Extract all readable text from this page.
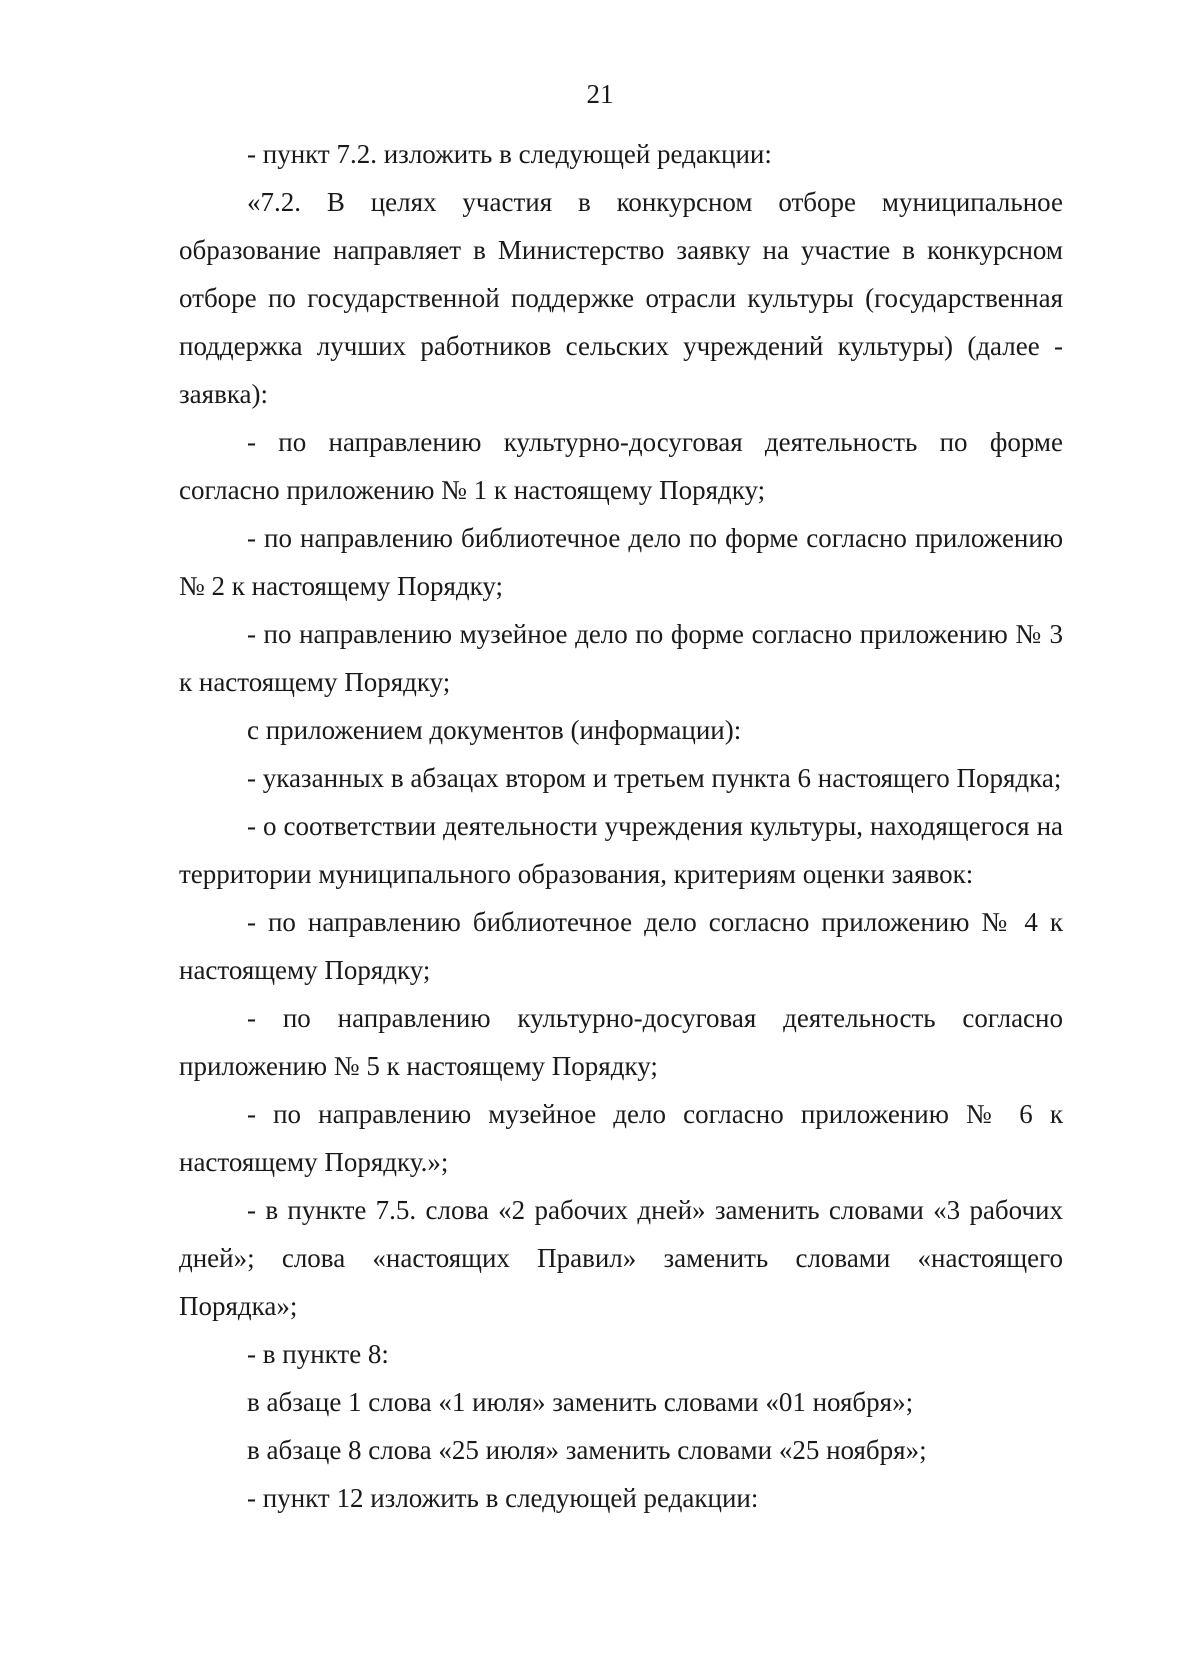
21

- пункт 7.2. изложить в следующей редакции:

«7.2. В целях участия в конкурсном отборе муниципальное образование направляет в Министерство заявку на участие в конкурсном отборе по государственной поддержке отрасли культуры (государственная поддержка лучших работников сельских учреждений культуры) (далее - заявка):

- по направлению культурно-досуговая деятельность по форме согласно приложению № 1 к настоящему Порядку;

- по направлению библиотечное дело по форме согласно приложению № 2 к настоящему Порядку;

- по направлению музейное дело по форме согласно приложению № 3 к настоящему Порядку;

с приложением документов (информации):

- указанных в абзацах втором и третьем пункта 6 настоящего Порядка;

- о соответствии деятельности учреждения культуры, находящегося на территории муниципального образования, критериям оценки заявок:

- по направлению библиотечное дело согласно приложению № 4 к настоящему Порядку;

- по направлению культурно-досуговая деятельность согласно приложению № 5 к настоящему Порядку;

- по направлению музейное дело согласно приложению № 6 к настоящему Порядку.»;

- в пункте 7.5. слова «2 рабочих дней» заменить словами «3 рабочих дней»; слова «настоящих Правил» заменить словами «настоящего Порядка»;

- в пункте 8:

в абзаце 1 слова «1 июля» заменить словами «01 ноября»;

в абзаце 8 слова «25 июля» заменить словами «25 ноября»;

- пункт 12 изложить в следующей редакции:
